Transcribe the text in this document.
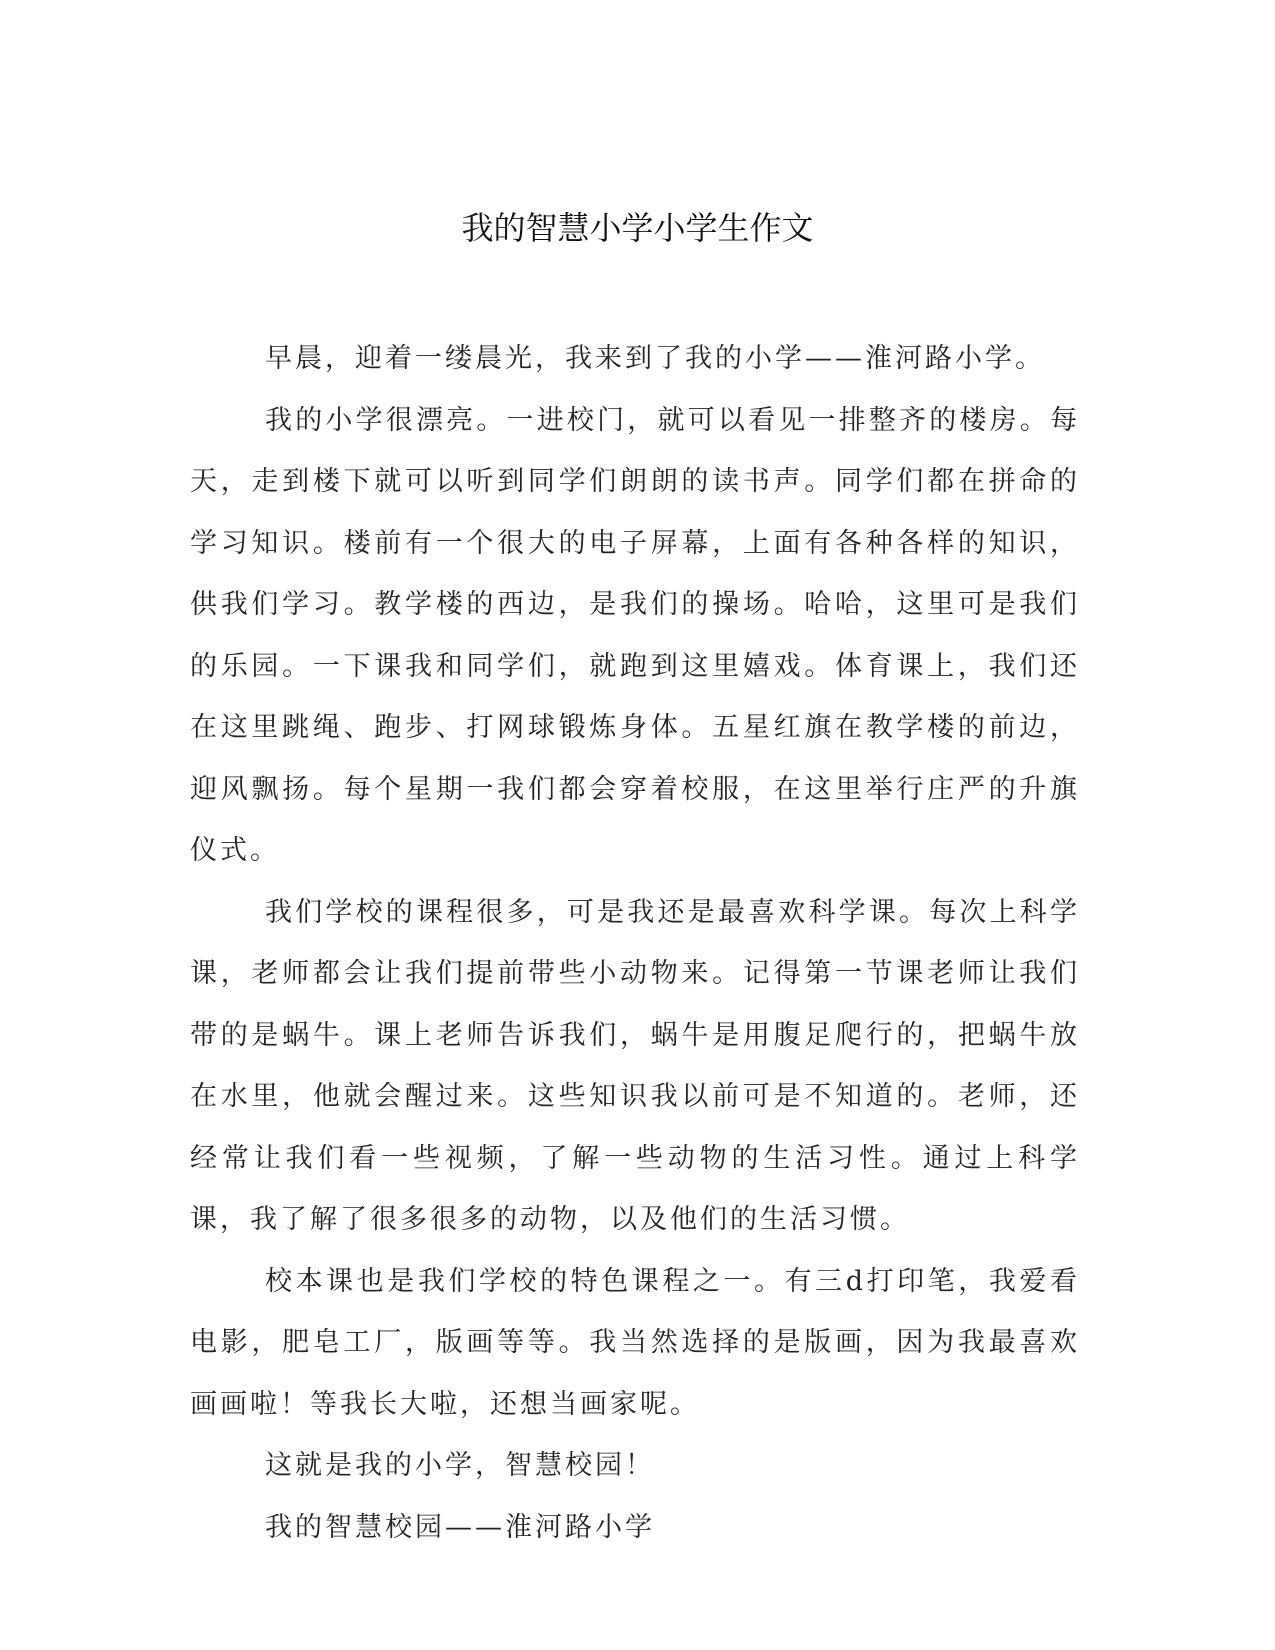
我的智慧小学小学生作文

早晨，迎着一缕晨光，我来到了我的小学——淮河路小学。

我的小学很漂亮。一进校门，就可以看见一排整齐的楼房。每天，走到楼下就可以听到同学们朗朗的读书声。同学们都在拼命的学习知识。楼前有一个很大的电子屏幕，上面有各种各样的知识，供我们学习。教学楼的西边，是我们的操场。哈哈，这里可是我们的乐园。一下课我和同学们，就跑到这里嬉戏。体育课上，我们还在这里跳绳、跑步、打网球锻炼身体。五星红旗在教学楼的前边，迎风飘扬。每个星期一我们都会穿着校服，在这里举行庄严的升旗仪式。

我们学校的课程很多，可是我还是最喜欢科学课。每次上科学课，老师都会让我们提前带些小动物来。记得第一节课老师让我们带的是蜗牛。课上老师告诉我们，蜗牛是用腹足爬行的，把蜗牛放在水里，他就会醒过来。这些知识我以前可是不知道的。老师，还经常让我们看一些视频，了解一些动物的生活习性。通过上科学课，我了解了很多很多的动物，以及他们的生活习惯。

校本课也是我们学校的特色课程之一。有三d打印笔，我爱看电影，肥皂工厂，版画等等。我当然选择的是版画，因为我最喜欢画画啦！等我长大啦，还想当画家呢。

这就是我的小学，智慧校园！

我的智慧校园——淮河路小学
